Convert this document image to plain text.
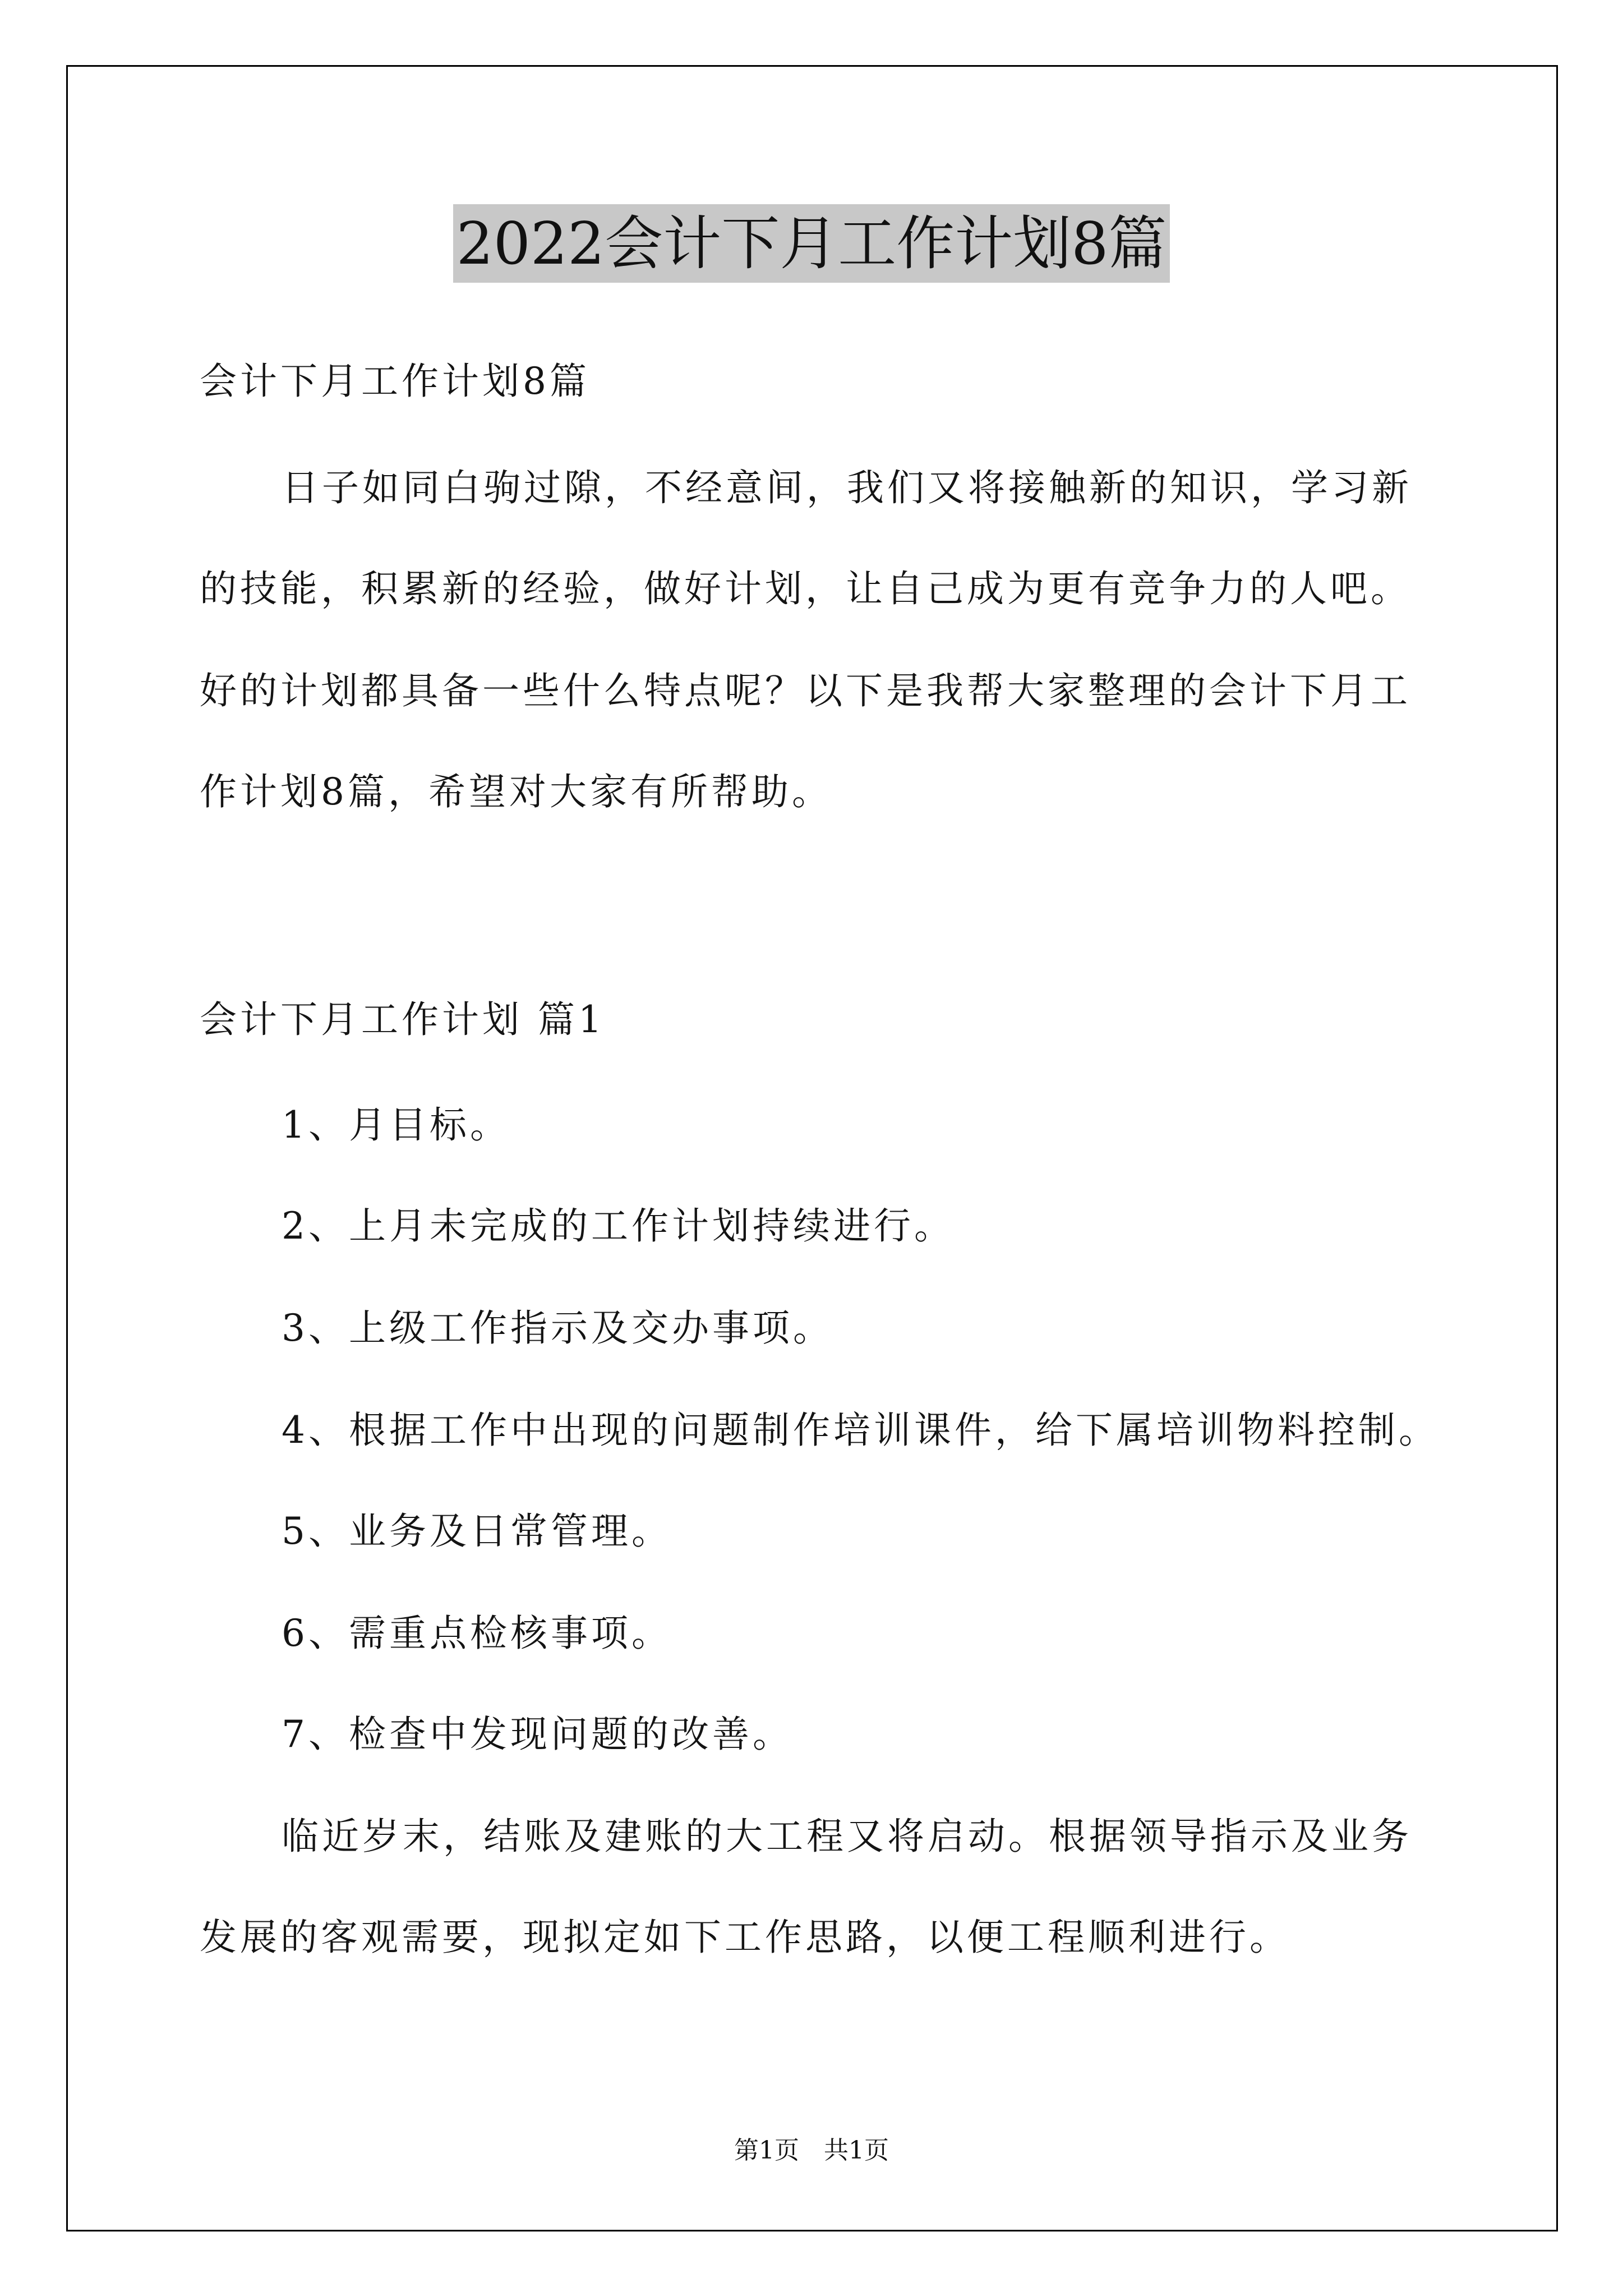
2022会计下月工作计划8篇
会计下月工作计划8篇
日子如同白驹过隙，不经意间，我们又将接触新的知识，学习新
的技能，积累新的经验，做好计划，让自己成为更有竞争力的人吧。
好的计划都具备一些什么特点呢？以下是我帮大家整理的会计下月工
作计划8篇，希望对大家有所帮助。
会计下月工作计划 篇1
1、月目标。
2、上月未完成的工作计划持续进行。
3、上级工作指示及交办事项。
4、根据工作中出现的问题制作培训课件，给下属培训物料控制。
5、业务及日常管理。
6、需重点检核事项。
7、检查中发现问题的改善。
临近岁末，结账及建账的大工程又将启动。根据领导指示及业务
发展的客观需要，现拟定如下工作思路，以便工程顺利进行。
第1页　共1页
